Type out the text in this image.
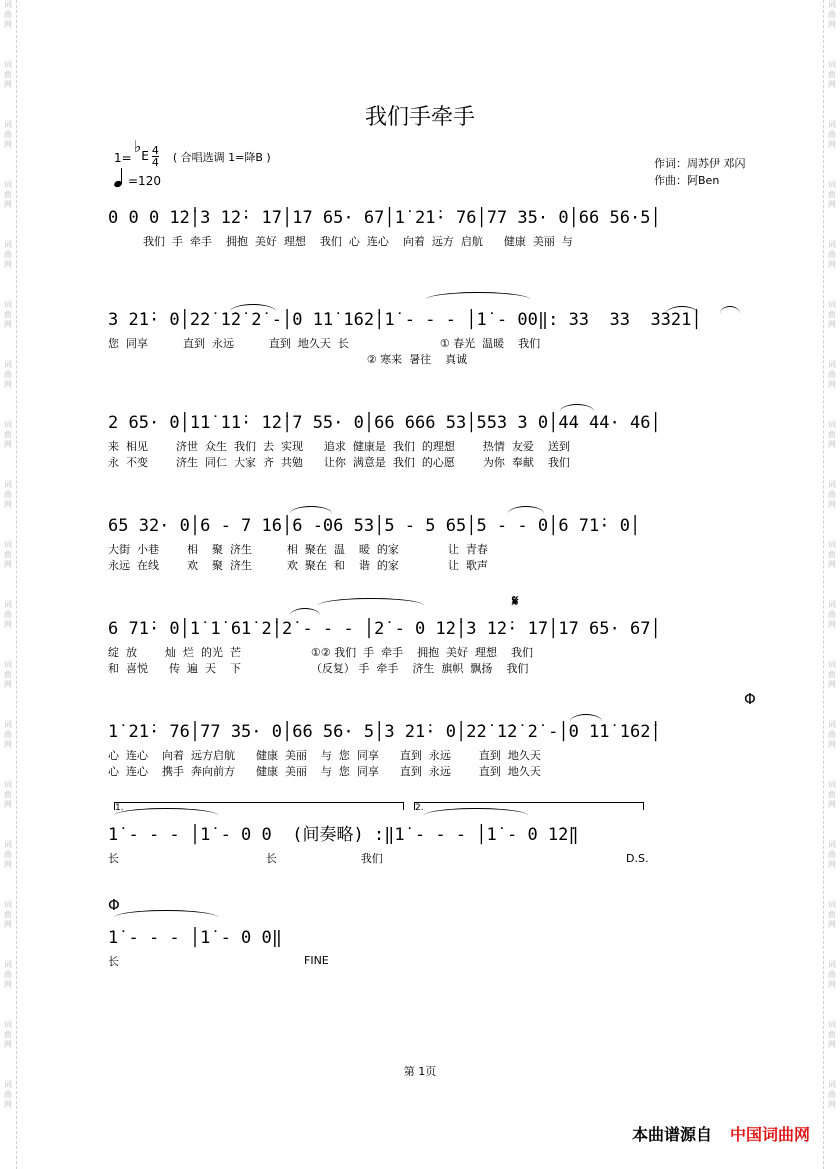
词
曲
网
词
曲
网
词
曲
网
词
曲
网
词
曲
网
词
曲
网
词
曲
网
词
曲
网
词
曲
网
词
曲
网
词
曲
网
词
曲
网
词
曲
网
词
曲
网
词
曲
网
词
曲
网
词
曲
网
词
曲
网
词
曲
网
词
曲
网
词
曲
网
词
曲
网
词
曲
网
词
曲
网
词
曲
网
词
曲
网
词
曲
网
词
曲
网
词
曲
网
词
曲
网
词
曲
网
词
曲
网
词
曲
网
词
曲
网
词
曲
网
词
曲
网
词
曲
网
词
曲
网
我们手牵手
1=
♭ E $\frac{4}{4}$ ( 合唱选调 1=降B )
=120
作词：周苏伊 邓闪
作曲：阿Ben
0 0 0 1̇2̇│3 1̇2̇· 1̇7│1̇7 65· 67│1̇ 2̇1̇· 76│77 35· 0│66 56·5│
我们  手  牵手    拥抱  美好  理想    我们  心  连心    向着  远方  启航      健康  美丽  与
3 2̇1̇· 0│2̇2̇ 1̇2̇ 2̇ -│0 1̇1̇ 1̇62̇│1̇ - - - │1̇ - 00‖: 33  33  3321│
您  同享          直到  永远          直到  地久天  长                          ① 春光  温暖    我们
② 寒来  暑往    真诚
2 65· 0│1̇1̇ 1̇1̇· 1̇2̇│7 55· 0│66 666 53│553 3 0│44 44· 46│
来  相见        济世  众生  我们  去  实现      追求  健康是  我们  的理想        热情  友爱    送到
永  不变        济生  同仁  大家  齐  共勉      让你  满意是  我们  的心愿        为你  奉献    我们
65 32· 0│6 - 7 1̇6│6 -06 53│5 - 5 65│5 - - 0│6 71̇· 0│
大街  小巷        相    聚  济生          相  聚在  温    暖  的家              让  青春
永远  在线        欢    聚  济生          欢  聚在  和    谐  的家              让  歌声
6 71̇· 0│1̇ 1̇ 6̇1̇ 2̇│2̇ - - - │2̇ - 0 1̇2̇│3 1̇2̇· 1̇7│1̇7 65· 67│
绽  放        灿  烂  的光  芒                    ①② 我们  手  牵手    拥抱  美好  理想    我们
和  喜悦      传  遍  天    下                    （反复） 手  牵手    济生  旗帜  飘扬    我们
𝄋
1̇ 2̇1̇· 76│77 35· 0│66 56· 5│3 2̇1̇· 0│2̇2̇ 1̇2̇ 2̇ -│0 1̇1̇ 1̇62̇│
心  连心    向着  远方启航      健康  美丽    与  您  同享      直到  永远        直到  地久天
心  连心    携手  奔向前方      健康  美丽    与  您  同享      直到  永远        直到  地久天
Φ
1.	2.
1̇ - - - │1̇ - 0 0  (间奏略) :‖1̇ - - - │1̇ - 0 1̇2̇‖
长                                          长                        我们	D.S.
Φ
1̇ - - - │1̇ - 0 0‖
长	FINE
第 1页
本曲谱源自 中国词曲网
